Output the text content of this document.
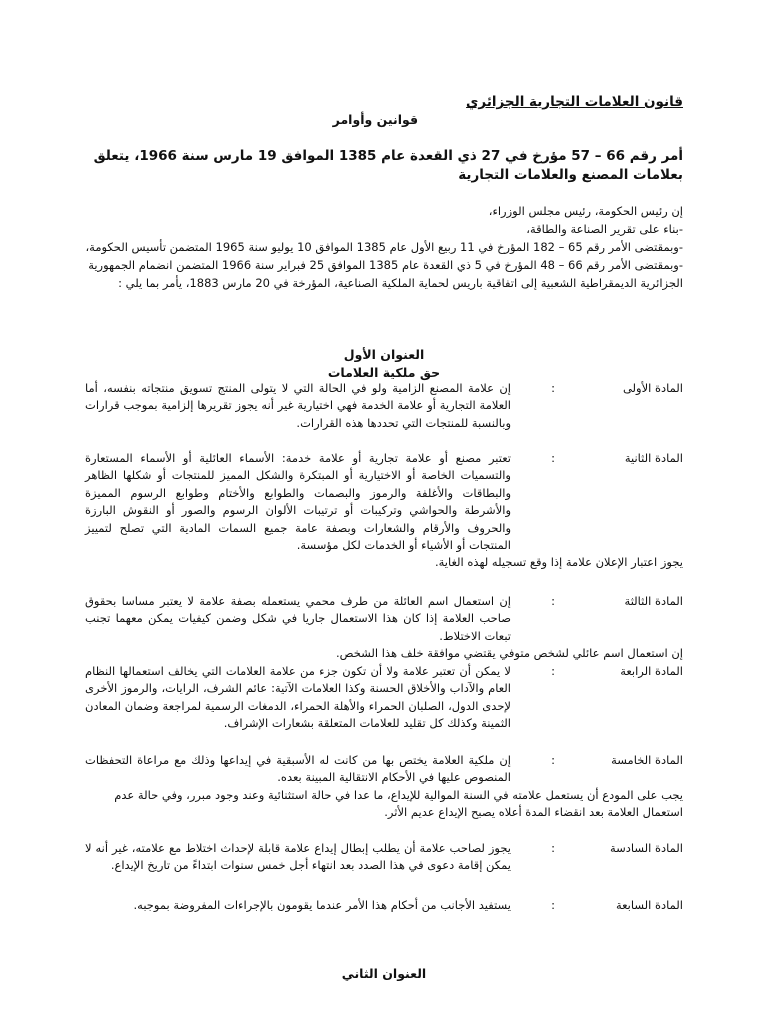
قانون العلامات التجارية الجزائري
قوانين وأوامر
أمر رقم 66 – 57 مؤرخ في 27 ذي القعدة عام 1385 الموافق 19 مارس سنة 1966، يتعلق بعلامات المصنع والعلامات التجارية

إن رئيس الحكومة، رئيس مجلس الوزراء،

-بناء على تقرير الصناعة والطاقة،

-وبمقتضى الأمر رقم 65 – 182 المؤرخ في 11 ربيع الأول عام 1385 الموافق 10 يوليو سنة 1965 المتضمن تأسيس الحكومة،

-وبمقتضى الأمر رقم 66 – 48 المؤرخ في 5 ذي القعدة عام 1385 الموافق 25 فبراير سنة 1966 المتضمن انضمام الجمهورية الجزائرية الديمقراطية الشعبية إلى اتفاقية باريس لحماية الملكية الصناعية، المؤرخة في 20 مارس 1883، يأمر بما يلي :

العنوان الأول
حق ملكية العلامات
المادة الأولى
:
إن علامة المصنع الزامية ولو في الحالة التي لا يتولى المنتج تسويق منتجاته بنفسه، أما العلامة التجارية أو علامة الخدمة فهي اختيارية غير أنه يجوز تقريرها إلزامية بموجب قرارات وبالنسبة للمنتجات التي تحددها هذه القرارات.
المادة الثانية
:
تعتبر مصنع أو علامة تجارية أو علامة خدمة: الأسماء العائلية أو الأسماء المستعارة والتسميات الخاصة أو الاختيارية أو المبتكرة والشكل المميز للمنتجات أو شكلها الظاهر والبطاقات والأغلفة والرموز والبصمات والطوابع والأختام وطوابع الرسوم المميزة والأشرطة والحواشي وتركيبات أو ترتيبات الألوان الرسوم والصور أو النقوش البارزة والحروف والأرقام والشعارات وبصفة عامة جميع السمات المادية التي تصلح لتمييز المنتجات أو الأشياء أو الخدمات لكل مؤسسة.

يجوز اعتبار الإعلان علامة إذا وقع تسجيله لهذه الغاية.

المادة الثالثة
:
إن استعمال اسم العائلة من طرف محمي يستعمله بصفة علامة لا يعتبر مساسا بحقوق صاحب العلامة إذا كان هذا الاستعمال جاريا في شكل وضمن كيفيات يمكن معهما تجنب تبعات الاختلاط.

إن استعمال اسم عائلي لشخص متوفي يقتضي موافقة خلف هذا الشخص.

المادة الرابعة
:
لا يمكن أن تعتبر علامة ولا أن تكون جزء من علامة العلامات التي يخالف استعمالها النظام العام والآداب والأخلاق الحسنة وكذا العلامات الآتية: عائم الشرف، الرايات، والرموز الأخرى لإحدى الدول، الصلبان الحمراء والأهلة الحمراء، الدمغات الرسمية لمراجعة وضمان المعادن الثمينة وكذلك كل تقليد للعلامات المتعلقة بشعارات الإشراف.
المادة الخامسة
:
إن ملكية العلامة يختص بها من كانت له الأسبقية في إيداعها وذلك مع مراعاة التحفظات المنصوص عليها في الأحكام الانتقالية المبينة بعده.

يجب على المودع أن يستعمل علامته في السنة الموالية للإيداع، ما عدا في حالة استثنائية وعند وجود مبرر، وفي حالة عدم استعمال العلامة بعد انقضاء المدة أعلاه يصبح الإيداع عديم الأثر.

المادة السادسة
:
يجوز لصاحب علامة أن يطلب إبطال إيداع علامة قابلة لإحداث اختلاط مع علامته، غير أنه لا يمكن إقامة دعوى في هذا الصدد بعد انتهاء أجل خمس سنوات ابتداءً من تاريخ الإيداع.
المادة السابعة
:
يستفيد الأجانب من أحكام هذا الأمر عندما يقومون بالإجراءات المفروضة بموجبه.
العنوان الثاني
